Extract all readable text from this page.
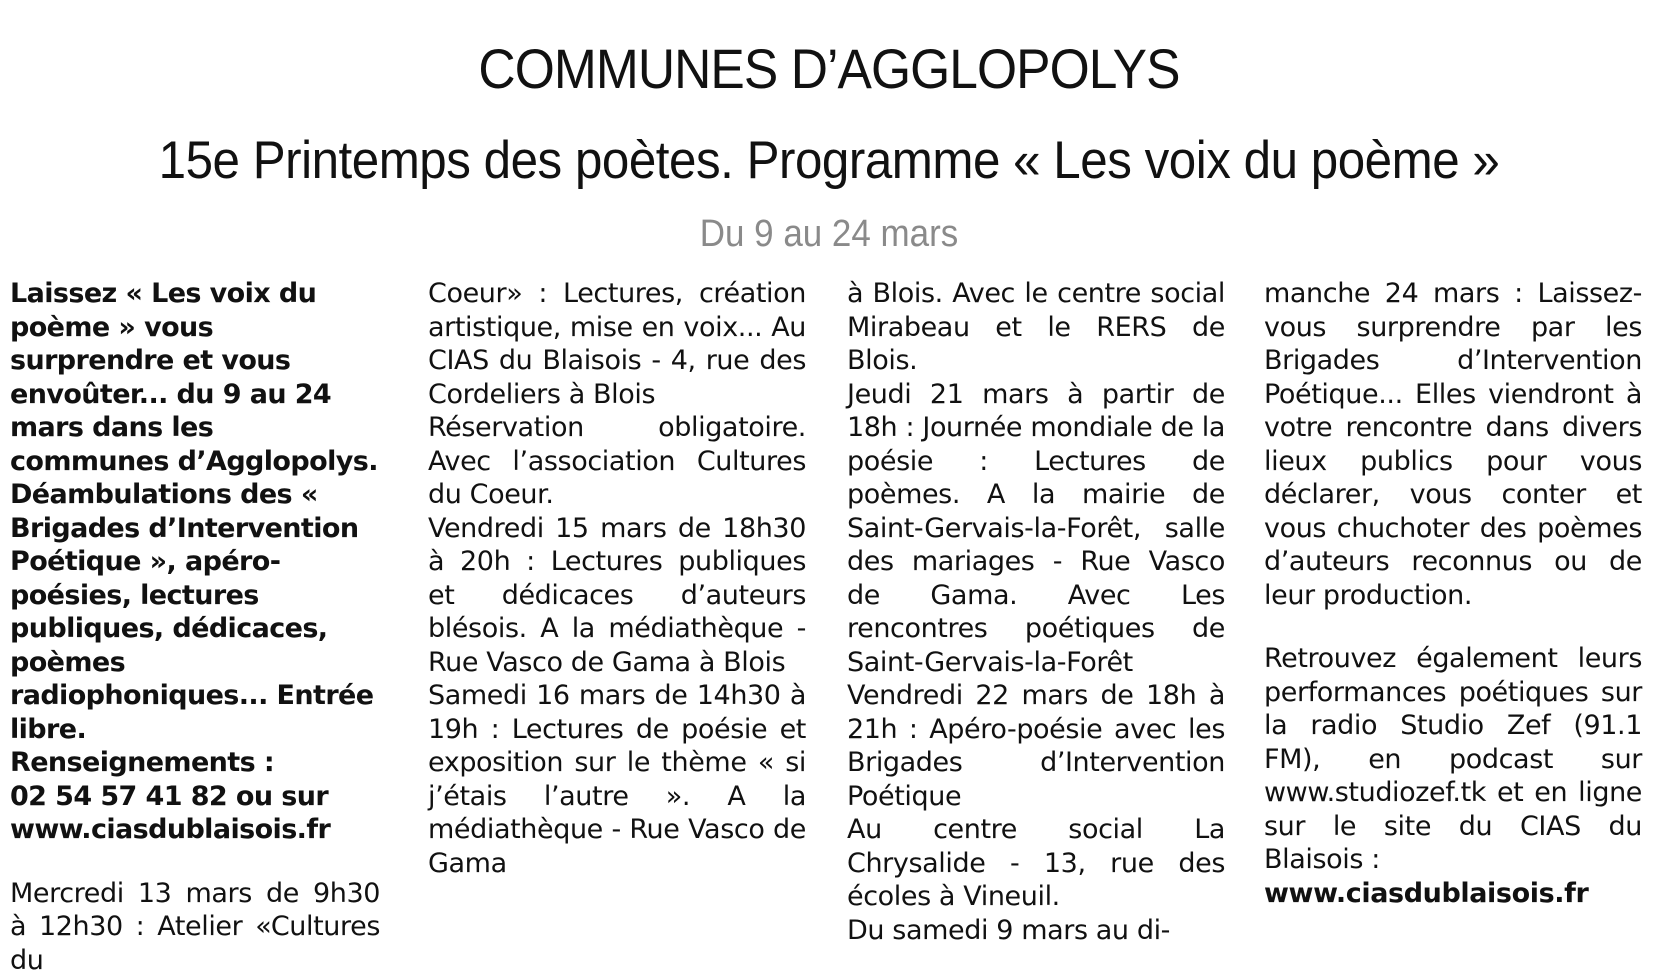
COMMUNES D’AGGLOPOLYS
15e Printemps des poètes. Programme « Les voix du poème »
Du 9 au 24 mars

Laissez « Les voix du poème » vous surprendre et vous envoûter... du 9 au 24 mars dans les communes d’Agglopolys. Déambulations des « Brigades d’Intervention Poétique », apéro-poésies, lectures publiques, dédicaces, poèmes radiophoniques... Entrée libre.

Renseignements :

02 54 57 41 82 ou sur www.ciasdublaisois.fr

Mercredi 13 mars de 9h30 à 12h30 : Atelier «Cultures du

Coeur» : Lectures, création artistique, mise en voix... Au CIAS du Blaisois - 4, rue des Cordeliers à Blois

Réservation obligatoire. Avec l’association Cultures du Coeur.

Vendredi 15 mars de 18h30 à 20h : Lectures publiques et dédicaces d’auteurs blésois. A la médiathèque - Rue Vasco de Gama à Blois

Samedi 16 mars de 14h30 à 19h : Lectures de poésie et exposition sur le thème « si j’étais l’autre ». A la médiathèque - Rue Vasco de Gama

à Blois. Avec le centre social Mirabeau et le RERS de Blois.

Jeudi 21 mars à partir de 18h : Journée mondiale de la poésie : Lectures de poèmes. A la mairie de Saint-Gervais-la-Forêt, salle des mariages - Rue Vasco de Gama. Avec Les rencontres poétiques de Saint-Gervais-la-Forêt

Vendredi 22 mars de 18h à 21h : Apéro-poésie avec les Brigades d’Intervention Poétique

Au centre social La Chrysalide - 13, rue des écoles à Vineuil.

Du samedi 9 mars au di-

manche 24 mars : Laissez-vous surprendre par les Brigades d’Intervention Poétique... Elles viendront à votre rencontre dans divers lieux publics pour vous déclarer, vous conter et vous chuchoter des poèmes d’auteurs reconnus ou de leur production.

Retrouvez également leurs performances poétiques sur la radio Studio Zef (91.1 FM), en podcast sur www.studiozef.tk et en ligne sur le site du CIAS du Blaisois :

www.ciasdublaisois.fr
